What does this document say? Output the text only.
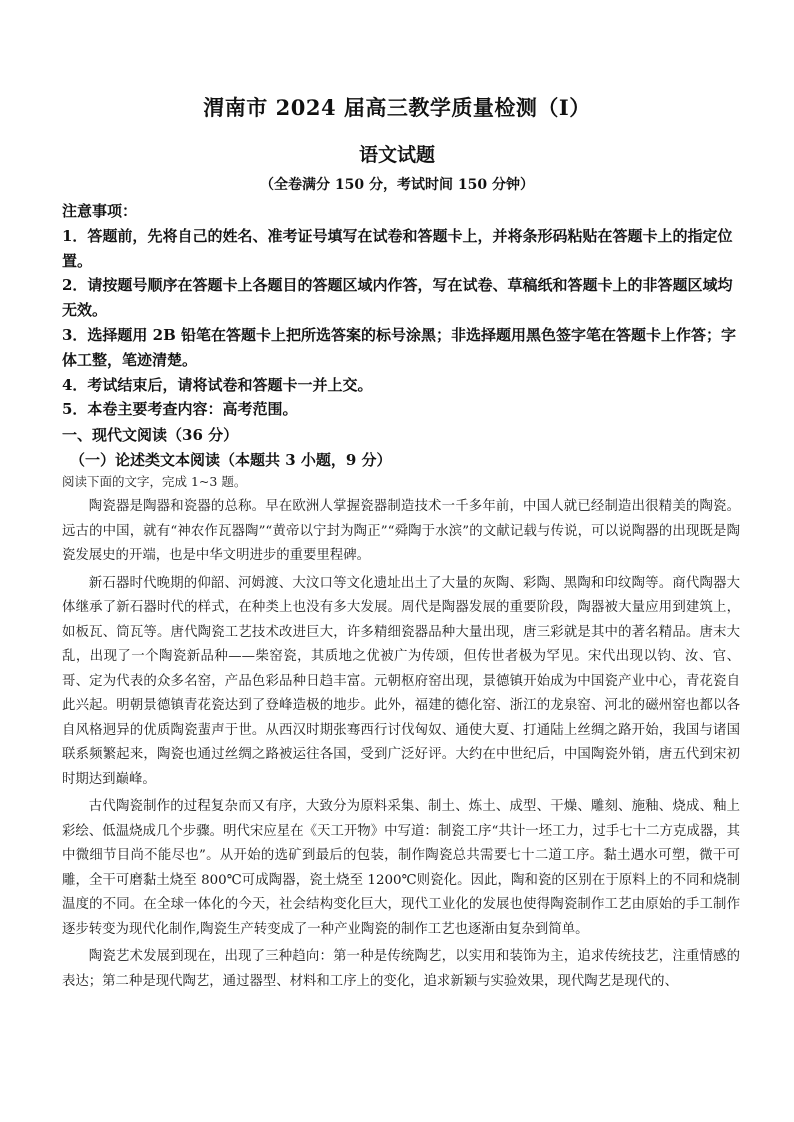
渭南市 2024 届高三教学质量检测（Ⅰ）
语文试题
（全卷满分 150 分，考试时间 150 分钟）

注意事项：

1．答题前，先将自己的姓名、准考证号填写在试卷和答题卡上，并将条形码粘贴在答题卡上的指定位置。

2．请按题号顺序在答题卡上各题目的答题区域内作答，写在试卷、草稿纸和答题卡上的非答题区域均无效。

3．选择题用 2B 铅笔在答题卡上把所选答案的标号涂黑；非选择题用黑色签字笔在答题卡上作答；字体工整，笔迹清楚。

4．考试结束后，请将试卷和答题卡一并上交。

5．本卷主要考查内容：高考范围。

一、现代文阅读（36 分）
（一）论述类文本阅读（本题共 3 小题，9 分）
阅读下面的文字，完成 1~3 题。

陶瓷器是陶器和瓷器的总称。早在欧洲人掌握瓷器制造技术一千多年前，中国人就已经制造出很精美的陶瓷。远古的中国，就有“神农作瓦器陶”“黄帝以宁封为陶正”“舜陶于水滨”的文献记载与传说，可以说陶器的出现既是陶瓷发展史的开端，也是中华文明进步的重要里程碑。

新石器时代晚期的仰韶、河姆渡、大汶口等文化遗址出土了大量的灰陶、彩陶、黑陶和印纹陶等。商代陶器大体继承了新石器时代的样式，在种类上也没有多大发展。周代是陶器发展的重要阶段，陶器被大量应用到建筑上，如板瓦、筒瓦等。唐代陶瓷工艺技术改进巨大，许多精细瓷器品种大量出现，唐三彩就是其中的著名精品。唐末大乱，出现了一个陶瓷新品种——柴窑瓷，其质地之优被广为传颂，但传世者极为罕见。宋代出现以钧、汝、官、哥、定为代表的众多名窑，产品色彩品种日趋丰富。元朝枢府窑出现，景德镇开始成为中国瓷产业中心，青花瓷自此兴起。明朝景德镇青花瓷达到了登峰造极的地步。此外，福建的德化窑、浙江的龙泉窑、河北的磁州窑也都以各自风格迥异的优质陶瓷蜚声于世。从西汉时期张骞西行讨伐匈奴、通使大夏、打通陆上丝绸之路开始，我国与诸国联系频繁起来，陶瓷也通过丝绸之路被运往各国，受到广泛好评。大约在中世纪后，中国陶瓷外销，唐五代到宋初时期达到巅峰。

古代陶瓷制作的过程复杂而又有序，大致分为原料采集、制土、炼土、成型、干燥、雕刻、施釉、烧成、釉上彩绘、低温烧成几个步骤。明代宋应星在《天工开物》中写道：制瓷工序“共计一坯工力，过手七十二方克成器，其中微细节目尚不能尽也”。从开始的选矿到最后的包装，制作陶瓷总共需要七十二道工序。黏土遇水可塑，微干可雕，全干可磨黏土烧至 800℃可成陶器，瓷土烧至 1200℃则瓷化。因此，陶和瓷的区别在于原料上的不同和烧制温度的不同。在全球一体化的今天，社会结构变化巨大，现代工业化的发展也使得陶瓷制作工艺由原始的手工制作逐步转变为现代化制作,陶瓷生产转变成了一种产业陶瓷的制作工艺也逐渐由复杂到简单。

陶瓷艺术发展到现在，出现了三种趋向：第一种是传统陶艺，以实用和装饰为主，追求传统技艺，注重情感的表达；第二种是现代陶艺，通过器型、材料和工序上的变化，追求新颖与实验效果，现代陶艺是现代的、
